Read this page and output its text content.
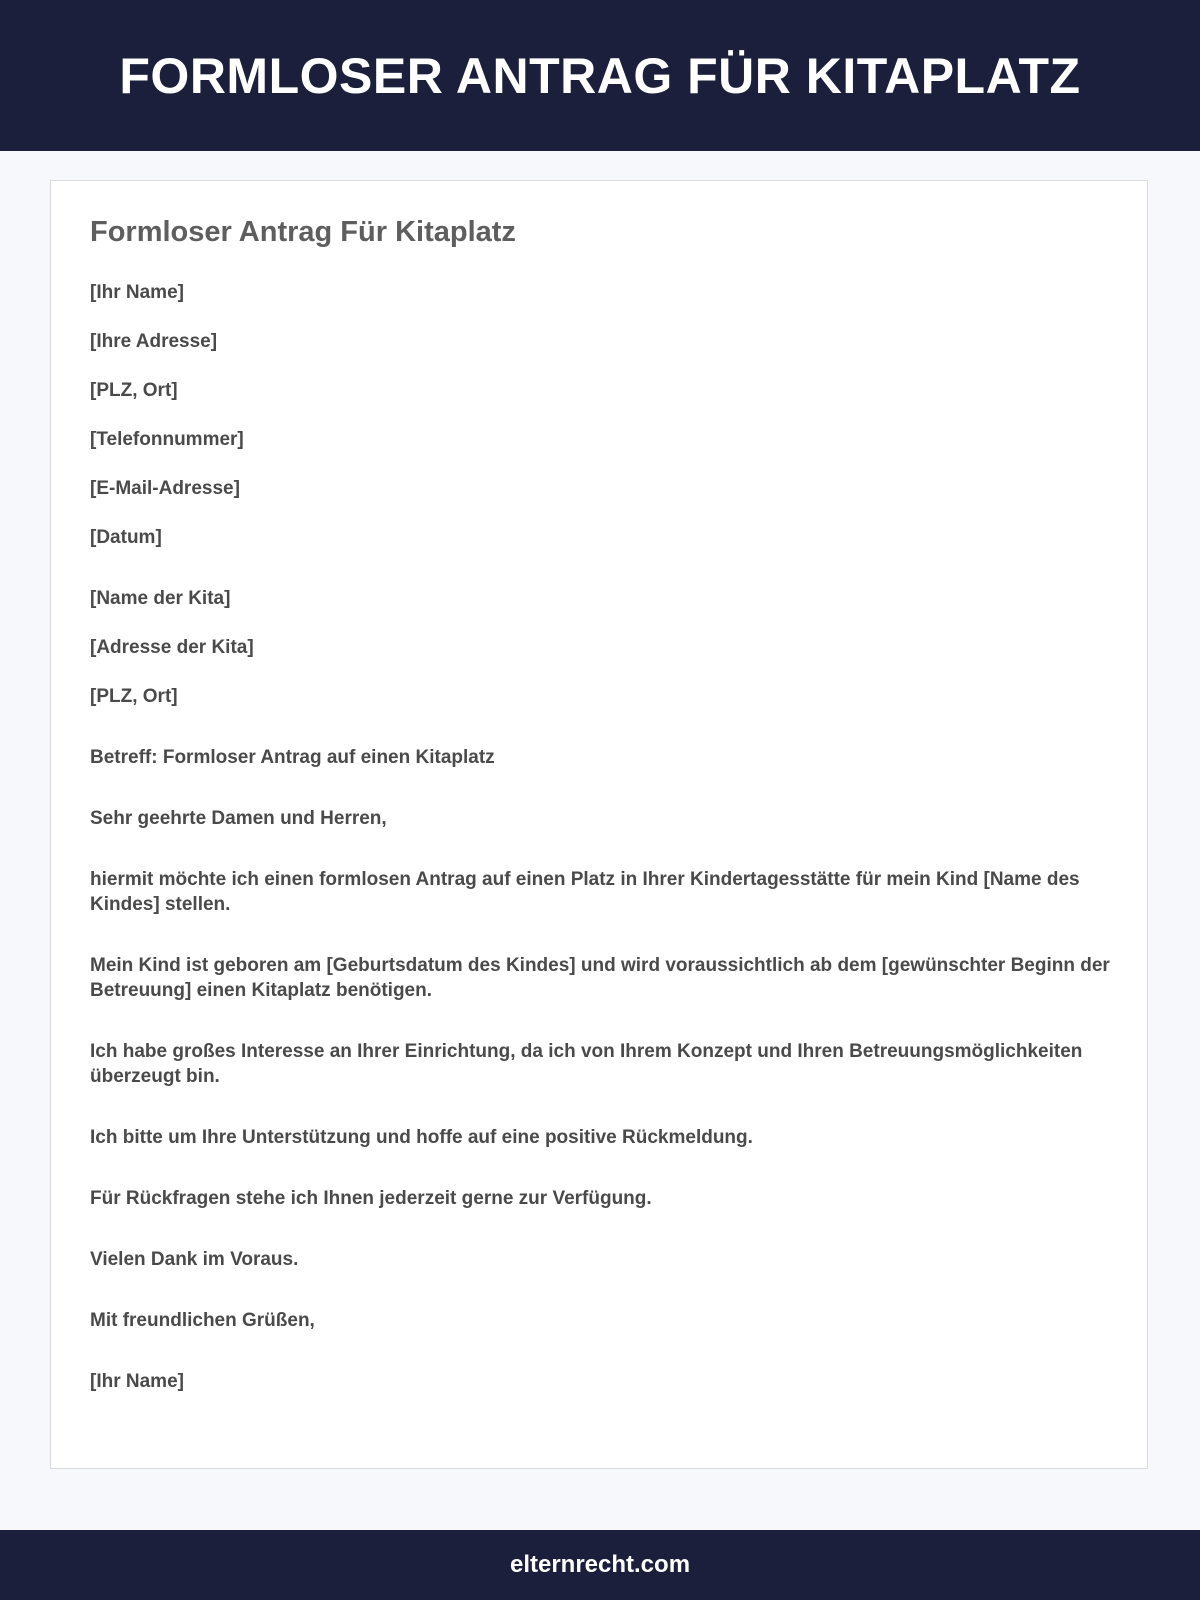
FORMLOSER ANTRAG FÜR KITAPLATZ
Formloser Antrag Für Kitaplatz

[Ihr Name]

[Ihre Adresse]

[PLZ, Ort]

[Telefonnummer]

[E-Mail-Adresse]

[Datum]

[Name der Kita]

[Adresse der Kita]

[PLZ, Ort]

Betreff: Formloser Antrag auf einen Kitaplatz

Sehr geehrte Damen und Herren,

hiermit möchte ich einen formlosen Antrag auf einen Platz in Ihrer Kindertagesstätte für mein Kind [Name des Kindes] stellen.

Mein Kind ist geboren am [Geburtsdatum des Kindes] und wird voraussichtlich ab dem [gewünschter Beginn der Betreuung] einen Kitaplatz benötigen.

Ich habe großes Interesse an Ihrer Einrichtung, da ich von Ihrem Konzept und Ihren Betreuungsmöglichkeiten überzeugt bin.

Ich bitte um Ihre Unterstützung und hoffe auf eine positive Rückmeldung.

Für Rückfragen stehe ich Ihnen jederzeit gerne zur Verfügung.

Vielen Dank im Voraus.

Mit freundlichen Grüßen,

[Ihr Name]

elternrecht.com
